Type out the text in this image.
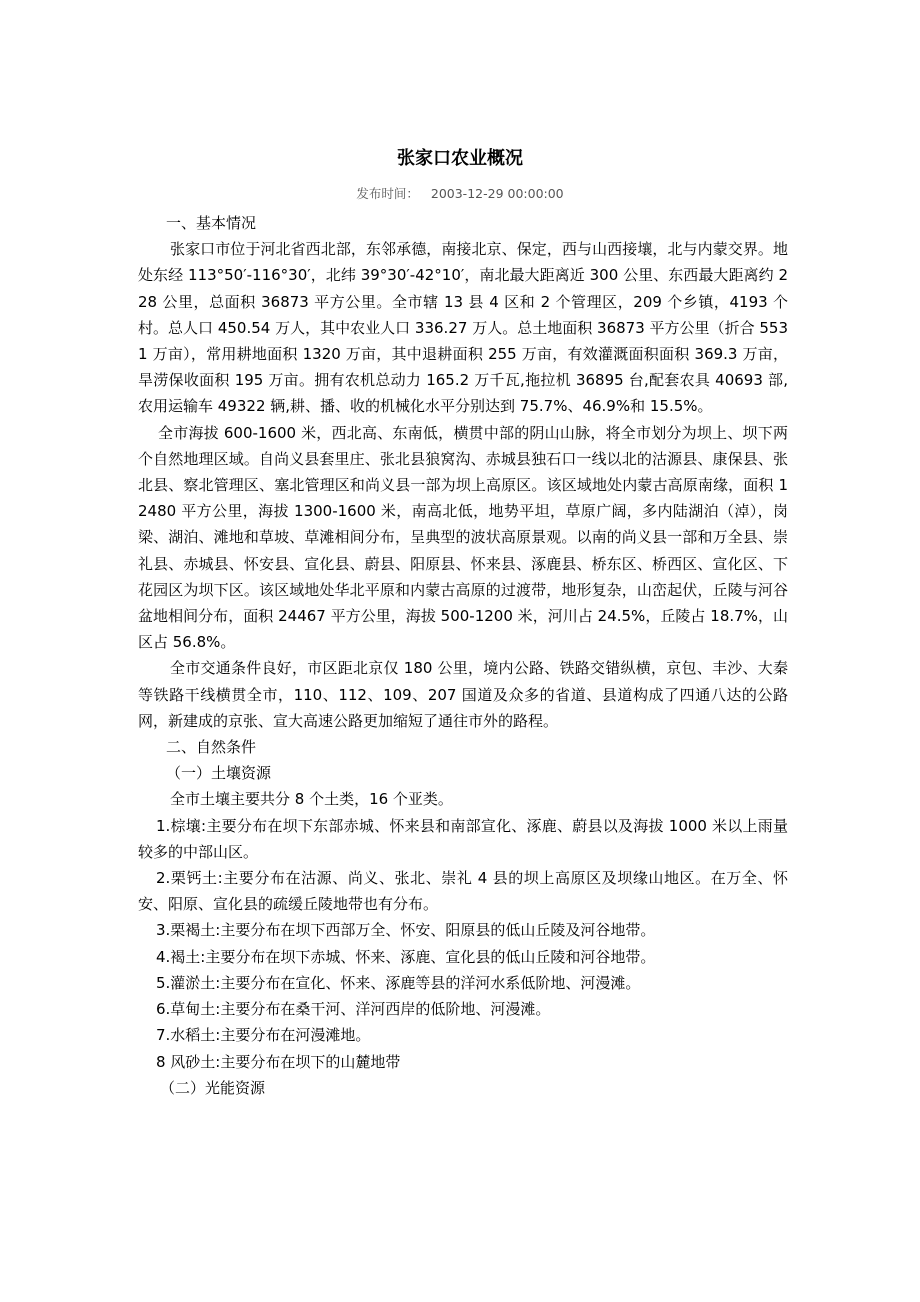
张家口农业概况
发布时间： 2003-12-29 00:00:00

一、基本情况

张家口市位于河北省西北部，东邻承德，南接北京、保定，西与山西接壤，北与内蒙交界。地处东经 113°50′-116°30′，北纬 39°30′-42°10′，南北最大距离近 300 公里、东西最大距离约 228 公里，总面积 36873 平方公里。全市辖 13 县 4 区和 2 个管理区，209 个乡镇，4193 个村。总人口 450.54 万人，其中农业人口 336.27 万人。总土地面积 36873 平方公里（折合 5531 万亩），常用耕地面积 1320 万亩，其中退耕面积 255 万亩，有效灌溉面积面积 369.3 万亩，旱涝保收面积 195 万亩。拥有农机总动力 165.2 万千瓦,拖拉机 36895 台,配套农具 40693 部,农用运输车 49322 辆,耕、播、收的机械化水平分别达到 75.7%、46.9%和 15.5%。

全市海拔 600-1600 米，西北高、东南低，横贯中部的阴山山脉，将全市划分为坝上、坝下两个自然地理区域。自尚义县套里庄、张北县狼窝沟、赤城县独石口一线以北的沽源县、康保县、张北县、察北管理区、塞北管理区和尚义县一部为坝上高原区。该区域地处内蒙古高原南缘，面积 12480 平方公里，海拔 1300-1600 米，南高北低，地势平坦，草原广阔，多内陆湖泊（淖），岗梁、湖泊、滩地和草坡、草滩相间分布，呈典型的波状高原景观。以南的尚义县一部和万全县、崇礼县、赤城县、怀安县、宣化县、蔚县、阳原县、怀来县、涿鹿县、桥东区、桥西区、宣化区、下花园区为坝下区。该区域地处华北平原和内蒙古高原的过渡带，地形复杂，山峦起伏，丘陵与河谷盆地相间分布，面积 24467 平方公里，海拔 500-1200 米，河川占 24.5%，丘陵占 18.7%，山区占 56.8%。

全市交通条件良好，市区距北京仅 180 公里，境内公路、铁路交错纵横，京包、丰沙、大秦等铁路干线横贯全市，110、112、109、207 国道及众多的省道、县道构成了四通八达的公路网，新建成的京张、宣大高速公路更加缩短了通往市外的路程。

二、自然条件

（一）土壤资源

全市土壤主要共分 8 个土类，16 个亚类。

1.棕壤:主要分布在坝下东部赤城、怀来县和南部宣化、涿鹿、蔚县以及海拔 1000 米以上雨量较多的中部山区。

2.栗钙土:主要分布在沽源、尚义、张北、崇礼 4 县的坝上高原区及坝缘山地区。在万全、怀安、阳原、宣化县的疏缓丘陵地带也有分布。

3.栗褐土:主要分布在坝下西部万全、怀安、阳原县的低山丘陵及河谷地带。

4.褐土:主要分布在坝下赤城、怀来、涿鹿、宣化县的低山丘陵和河谷地带。

5.灌淤土:主要分布在宣化、怀来、涿鹿等县的洋河水系低阶地、河漫滩。

6.草甸土:主要分布在桑干河、洋河西岸的低阶地、河漫滩。

7.水稻土:主要分布在河漫滩地。

8 风砂土:主要分布在坝下的山麓地带

（二）光能资源
